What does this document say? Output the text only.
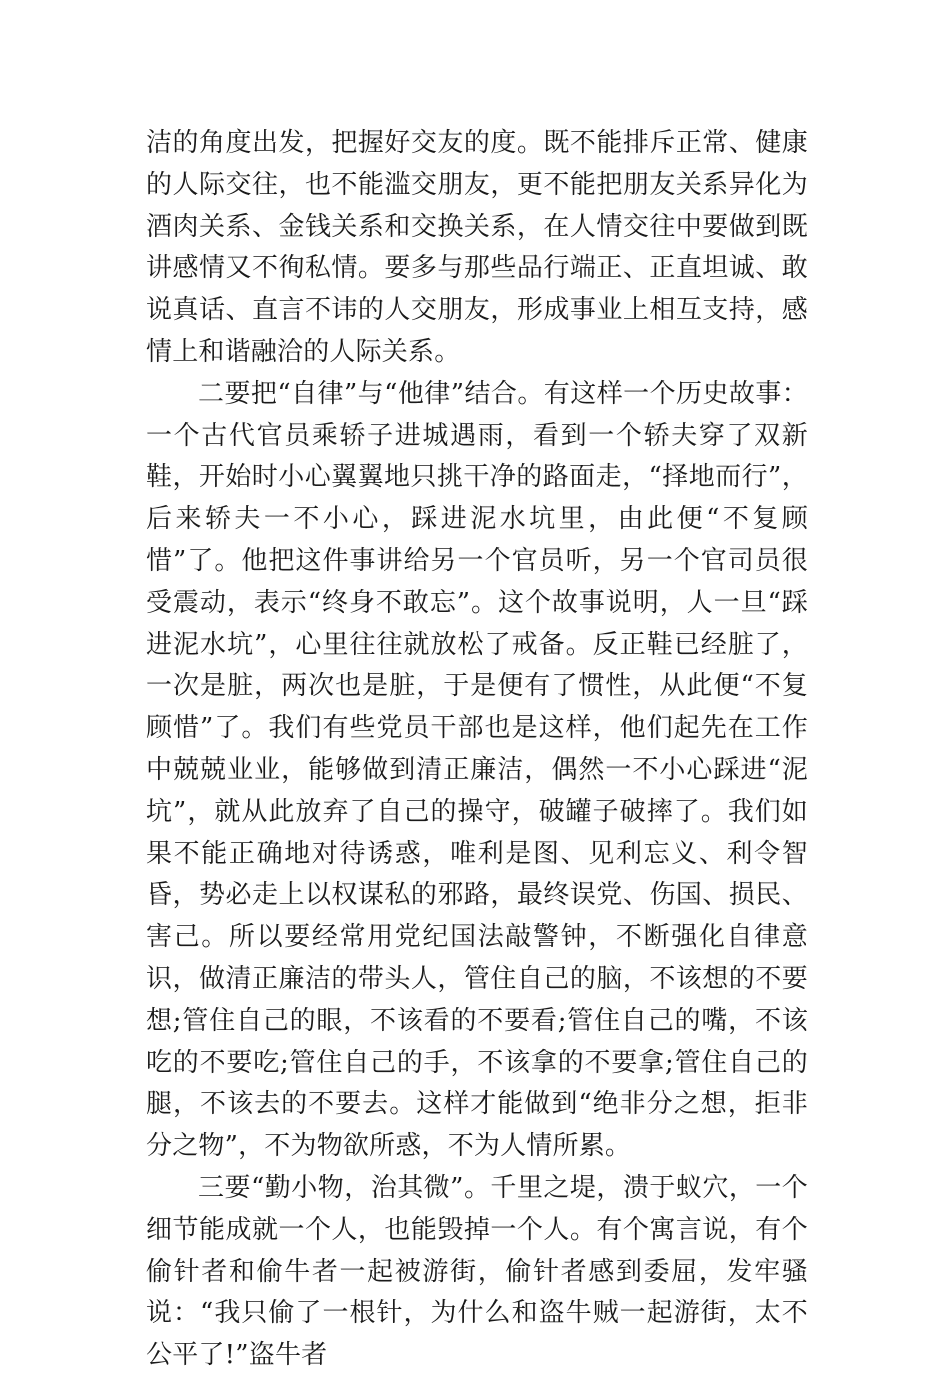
洁的角度出发，把握好交友的度。既不能排斥正常、健康的人际交往，也不能滥交朋友，更不能把朋友关系异化为酒肉关系、金钱关系和交换关系，在人情交往中要做到既讲感情又不徇私情。要多与那些品行端正、正直坦诚、敢说真话、直言不讳的人交朋友，形成事业上相互支持，感情上和谐融洽的人际关系。

二要把“自律”与“他律”结合。有这样一个历史故事：一个古代官员乘轿子进城遇雨，看到一个轿夫穿了双新鞋，开始时小心翼翼地只挑干净的路面走，“择地而行”，后来轿夫一不小心，踩进泥水坑里，由此便“不复顾惜”了。他把这件事讲给另一个官员听，另一个官司员很受震动，表示“终身不敢忘”。这个故事说明，人一旦“踩进泥水坑”，心里往往就放松了戒备。反正鞋已经脏了，一次是脏，两次也是脏，于是便有了惯性，从此便“不复顾惜”了。我们有些党员干部也是这样，他们起先在工作中兢兢业业，能够做到清正廉洁，偶然一不小心踩进“泥坑”，就从此放弃了自己的操守，破罐子破摔了。我们如果不能正确地对待诱惑，唯利是图、见利忘义、利令智昏，势必走上以权谋私的邪路，最终误党、伤国、损民、害己。所以要经常用党纪国法敲警钟，不断强化自律意识，做清正廉洁的带头人，管住自己的脑，不该想的不要想;管住自己的眼，不该看的不要看;管住自己的嘴，不该吃的不要吃;管住自己的手，不该拿的不要拿;管住自己的腿，不该去的不要去。这样才能做到“绝非分之想，拒非分之物”，不为物欲所惑，不为人情所累。

三要“勤小物，治其微”。千里之堤，溃于蚁穴，一个细节能成就一个人，也能毁掉一个人。有个寓言说，有个偷针者和偷牛者一起被游街，偷针者感到委屈，发牢骚说：“我只偷了一根针，为什么和盗牛贼一起游街，太不公平了!”盗牛者
